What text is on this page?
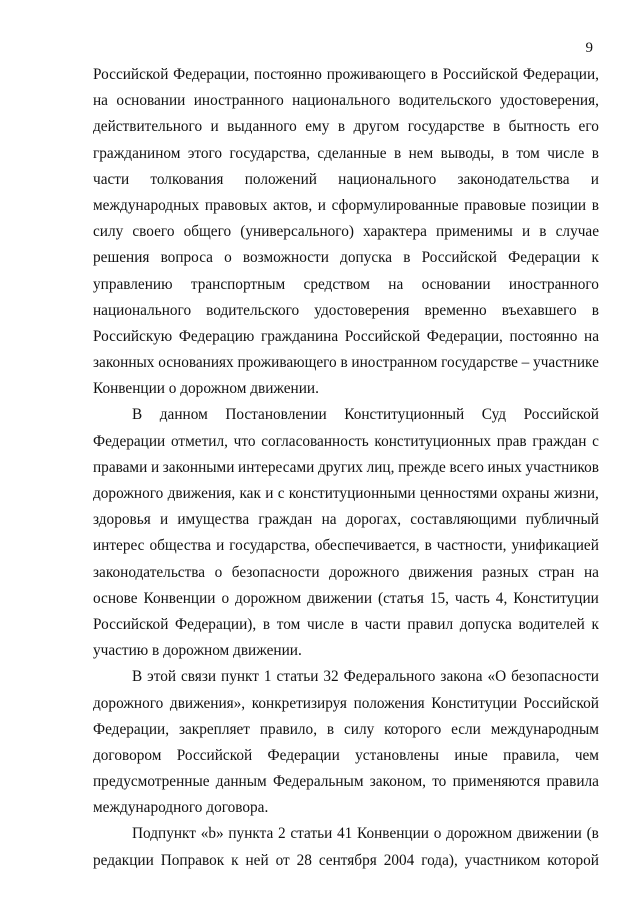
9
Российской Федерации, постоянно проживающего в Российской Федерации,
на основании иностранного национального водительского удостоверения,
действительного и выданного ему в другом государстве в бытность его
гражданином этого государства, сделанные в нем выводы, в том числе в
части толкования положений национального законодательства и
международных правовых актов, и сформулированные правовые позиции в
силу своего общего (универсального) характера применимы и в случае
решения вопроса о возможности допуска в Российской Федерации к
управлению транспортным средством на основании иностранного
национального водительского удостоверения временно въехавшего в
Российскую Федерацию гражданина Российской Федерации, постоянно на
законных основаниях проживающего в иностранном государстве – участнике
Конвенции о дорожном движении.
В данном Постановлении Конституционный Суд Российской
Федерации отметил, что согласованность конституционных прав граждан с
правами и законными интересами других лиц, прежде всего иных участников
дорожного движения, как и с конституционными ценностями охраны жизни,
здоровья и имущества граждан на дорогах, составляющими публичный
интерес общества и государства, обеспечивается, в частности, унификацией
законодательства о безопасности дорожного движения разных стран на
основе Конвенции о дорожном движении (статья 15, часть 4, Конституции
Российской Федерации), в том числе в части правил допуска водителей к
участию в дорожном движении.
В этой связи пункт 1 статьи 32 Федерального закона «О безопасности
дорожного движения», конкретизируя положения Конституции Российской
Федерации, закрепляет правило, в силу которого если международным
договором Российской Федерации установлены иные правила, чем
предусмотренные данным Федеральным законом, то применяются правила
международного договора.
Подпункт «b» пункта 2 статьи 41 Конвенции о дорожном движении (в
редакции Поправок к ней от 28 сентября 2004 года), участником которой
